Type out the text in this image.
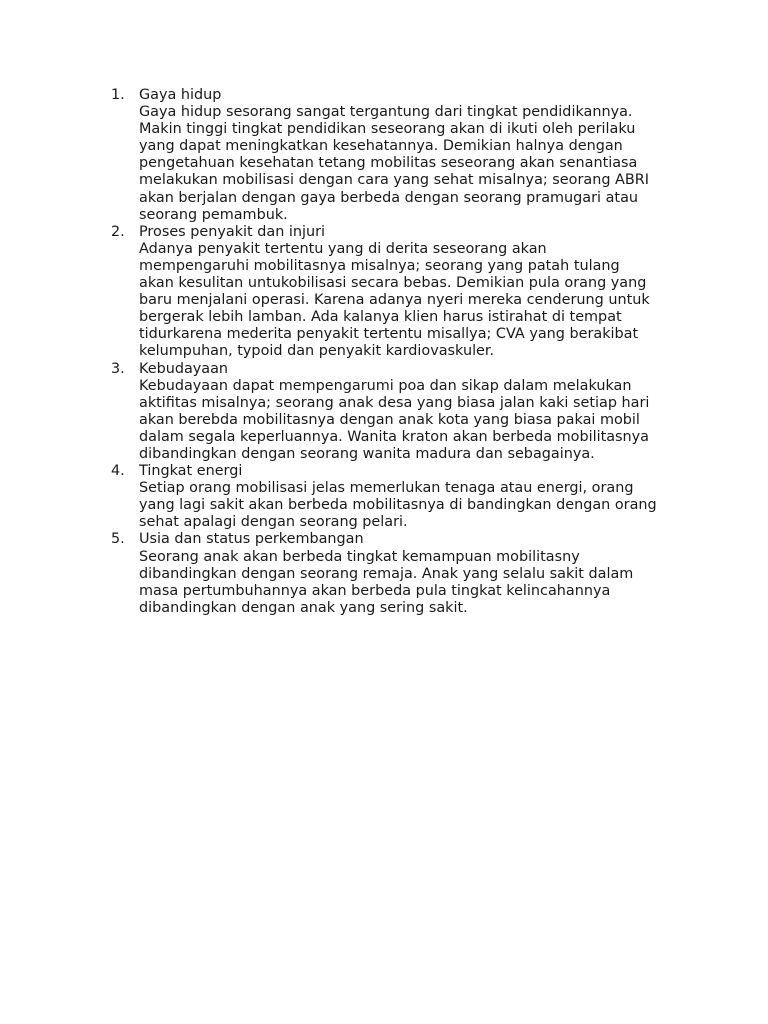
1. Gaya hidup
Gaya hidup sesorang sangat tergantung dari tingkat pendidikannya.
Makin tinggi tingkat pendidikan seseorang akan di ikuti oleh perilaku
yang dapat meningkatkan kesehatannya. Demikian halnya dengan
pengetahuan kesehatan tetang mobilitas seseorang akan senantiasa
melakukan mobilisasi dengan cara yang sehat misalnya; seorang ABRI
akan berjalan dengan gaya berbeda dengan seorang pramugari atau
seorang pemambuk.
2. Proses penyakit dan injuri
Adanya penyakit tertentu yang di derita seseorang akan
mempengaruhi mobilitasnya misalnya; seorang yang patah tulang
akan kesulitan untukobilisasi secara bebas. Demikian pula orang yang
baru menjalani operasi. Karena adanya nyeri mereka cenderung untuk
bergerak lebih lamban. Ada kalanya klien harus istirahat di tempat
tidurkarena mederita penyakit tertentu misallya; CVA yang berakibat
kelumpuhan, typoid dan penyakit kardiovaskuler.
3. Kebudayaan
Kebudayaan dapat mempengarumi poa dan sikap dalam melakukan
aktifitas misalnya; seorang anak desa yang biasa jalan kaki setiap hari
akan berebda mobilitasnya dengan anak kota yang biasa pakai mobil
dalam segala keperluannya. Wanita kraton akan berbeda mobilitasnya
dibandingkan dengan seorang wanita madura dan sebagainya.
4. Tingkat energi
Setiap orang mobilisasi jelas memerlukan tenaga atau energi, orang
yang lagi sakit akan berbeda mobilitasnya di bandingkan dengan orang
sehat apalagi dengan seorang pelari.
5. Usia dan status perkembangan
Seorang anak akan berbeda tingkat kemampuan mobilitasny
dibandingkan dengan seorang remaja. Anak yang selalu sakit dalam
masa pertumbuhannya akan berbeda pula tingkat kelincahannya
dibandingkan dengan anak yang sering sakit.
